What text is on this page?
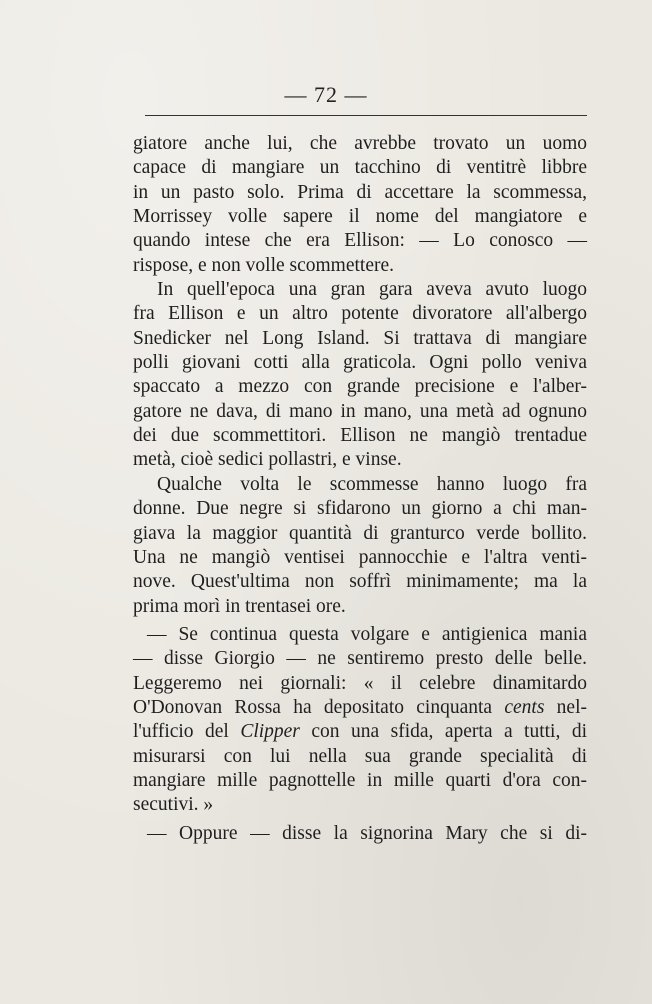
— 72 —
giatore anche lui, che avrebbe trovato un uomo
capace di mangiare un tacchino di ventitrè libbre
in un pasto solo. Prima di accettare la scommessa,
Morrissey volle sapere il nome del mangiatore e
quando intese che era Ellison: — Lo conosco —
rispose, e non volle scommettere.
In quell'epoca una gran gara aveva avuto luogo
fra Ellison e un altro potente divoratore all'albergo
Snedicker nel Long Island. Si trattava di mangiare
polli giovani cotti alla graticola. Ogni pollo veniva
spaccato a mezzo con grande precisione e l'alber-
gatore ne dava, di mano in mano, una metà ad ognuno
dei due scommettitori. Ellison ne mangiò trentadue
metà, cioè sedici pollastri, e vinse.
Qualche volta le scommesse hanno luogo fra
donne. Due negre si sfidarono un giorno a chi man-
giava la maggior quantità di granturco verde bollito.
Una ne mangiò ventisei pannocchie e l'altra venti-
nove. Quest'ultima non soffrì minimamente; ma la
prima morì in trentasei ore.
— Se continua questa volgare e antigienica mania
— disse Giorgio — ne sentiremo presto delle belle.
Leggeremo nei giornali: « il celebre dinamitardo
O'Donovan Rossa ha depositato cinquanta cents nel-
l'ufficio del Clipper con una sfida, aperta a tutti, di
misurarsi con lui nella sua grande specialità di
mangiare mille pagnottelle in mille quarti d'ora con-
secutivi. »
— Oppure — disse la signorina Mary che si di-
